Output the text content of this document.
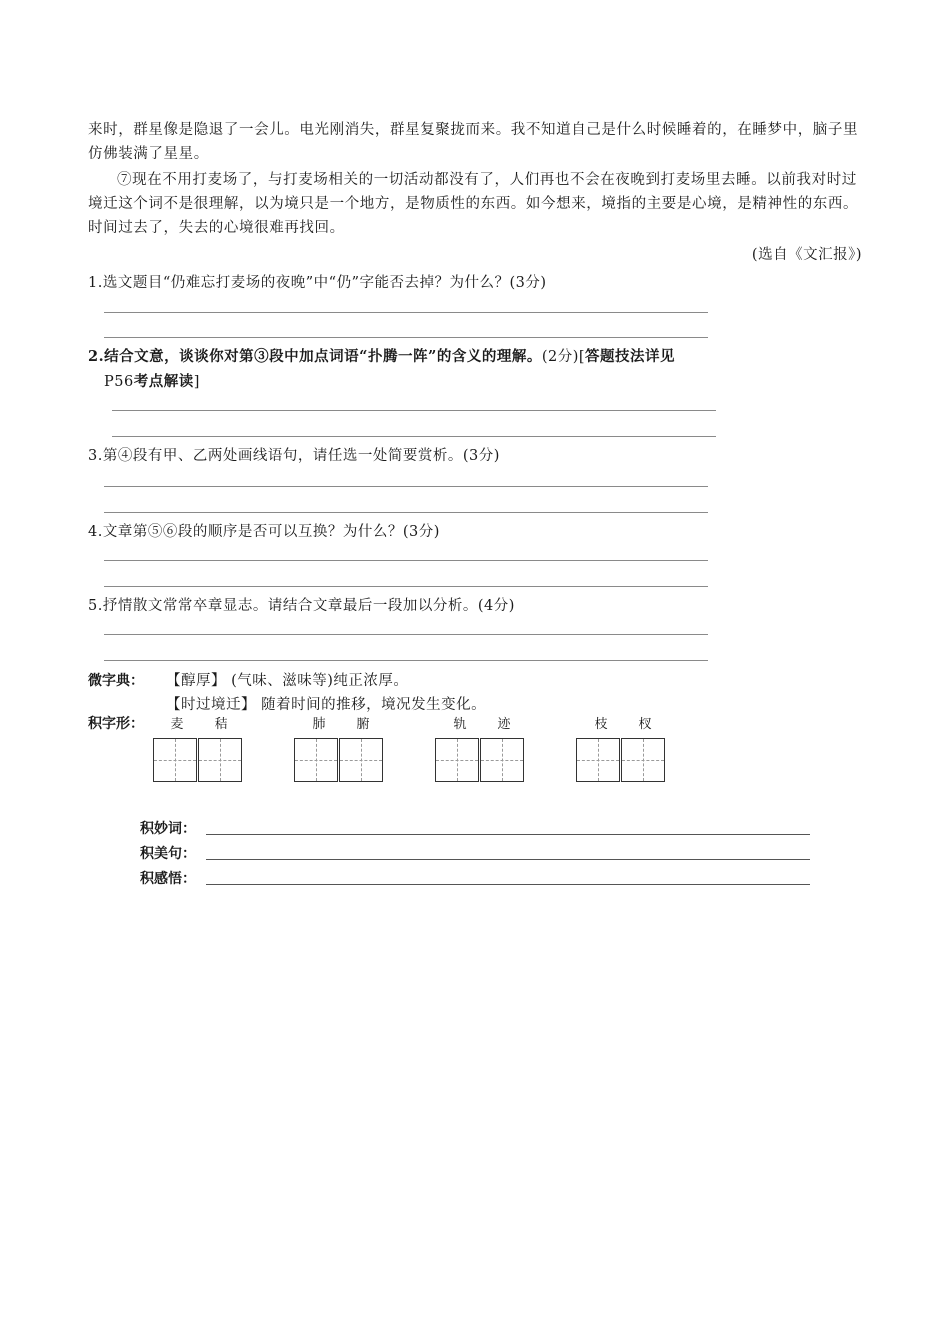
来时，群星像是隐退了一会儿。电光刚消失，群星复聚拢而来。我不知道自己是什么时候睡着的，在睡梦中，脑子里仿佛装满了星星。
⑦现在不用打麦场了，与打麦场相关的一切活动都没有了，人们再也不会在夜晚到打麦场里去睡。以前我对时过境迁这个词不是很理解，以为境只是一个地方，是物质性的东西。如今想来，境指的主要是心境，是精神性的东西。时间过去了，失去的心境很难再找回。
(选自《文汇报》)
1.选文题目“仍难忘打麦场的夜晚”中“仍”字能否去掉？为什么？(3分)
2.结合文意，谈谈你对第③段中加点词语“扑腾一阵”的含义的理解。(2分)[答题技法详见
P56考点解读]
3.第④段有甲、乙两处画线语句，请任选一处简要赏析。(3分)
4.文章第⑤⑥段的顺序是否可以互换？为什么？(3分)
5.抒情散文常常卒章显志。请结合文章最后一段加以分析。(4分)
微字典： 【醇厚】 (气味、滋味等)纯正浓厚。
【时过境迁】 随着时间的推移，境况发生变化。
积字形：	麦	秸	肺	腑	轨	迹	枝	杈
积妙词：
积美句：
积感悟：
